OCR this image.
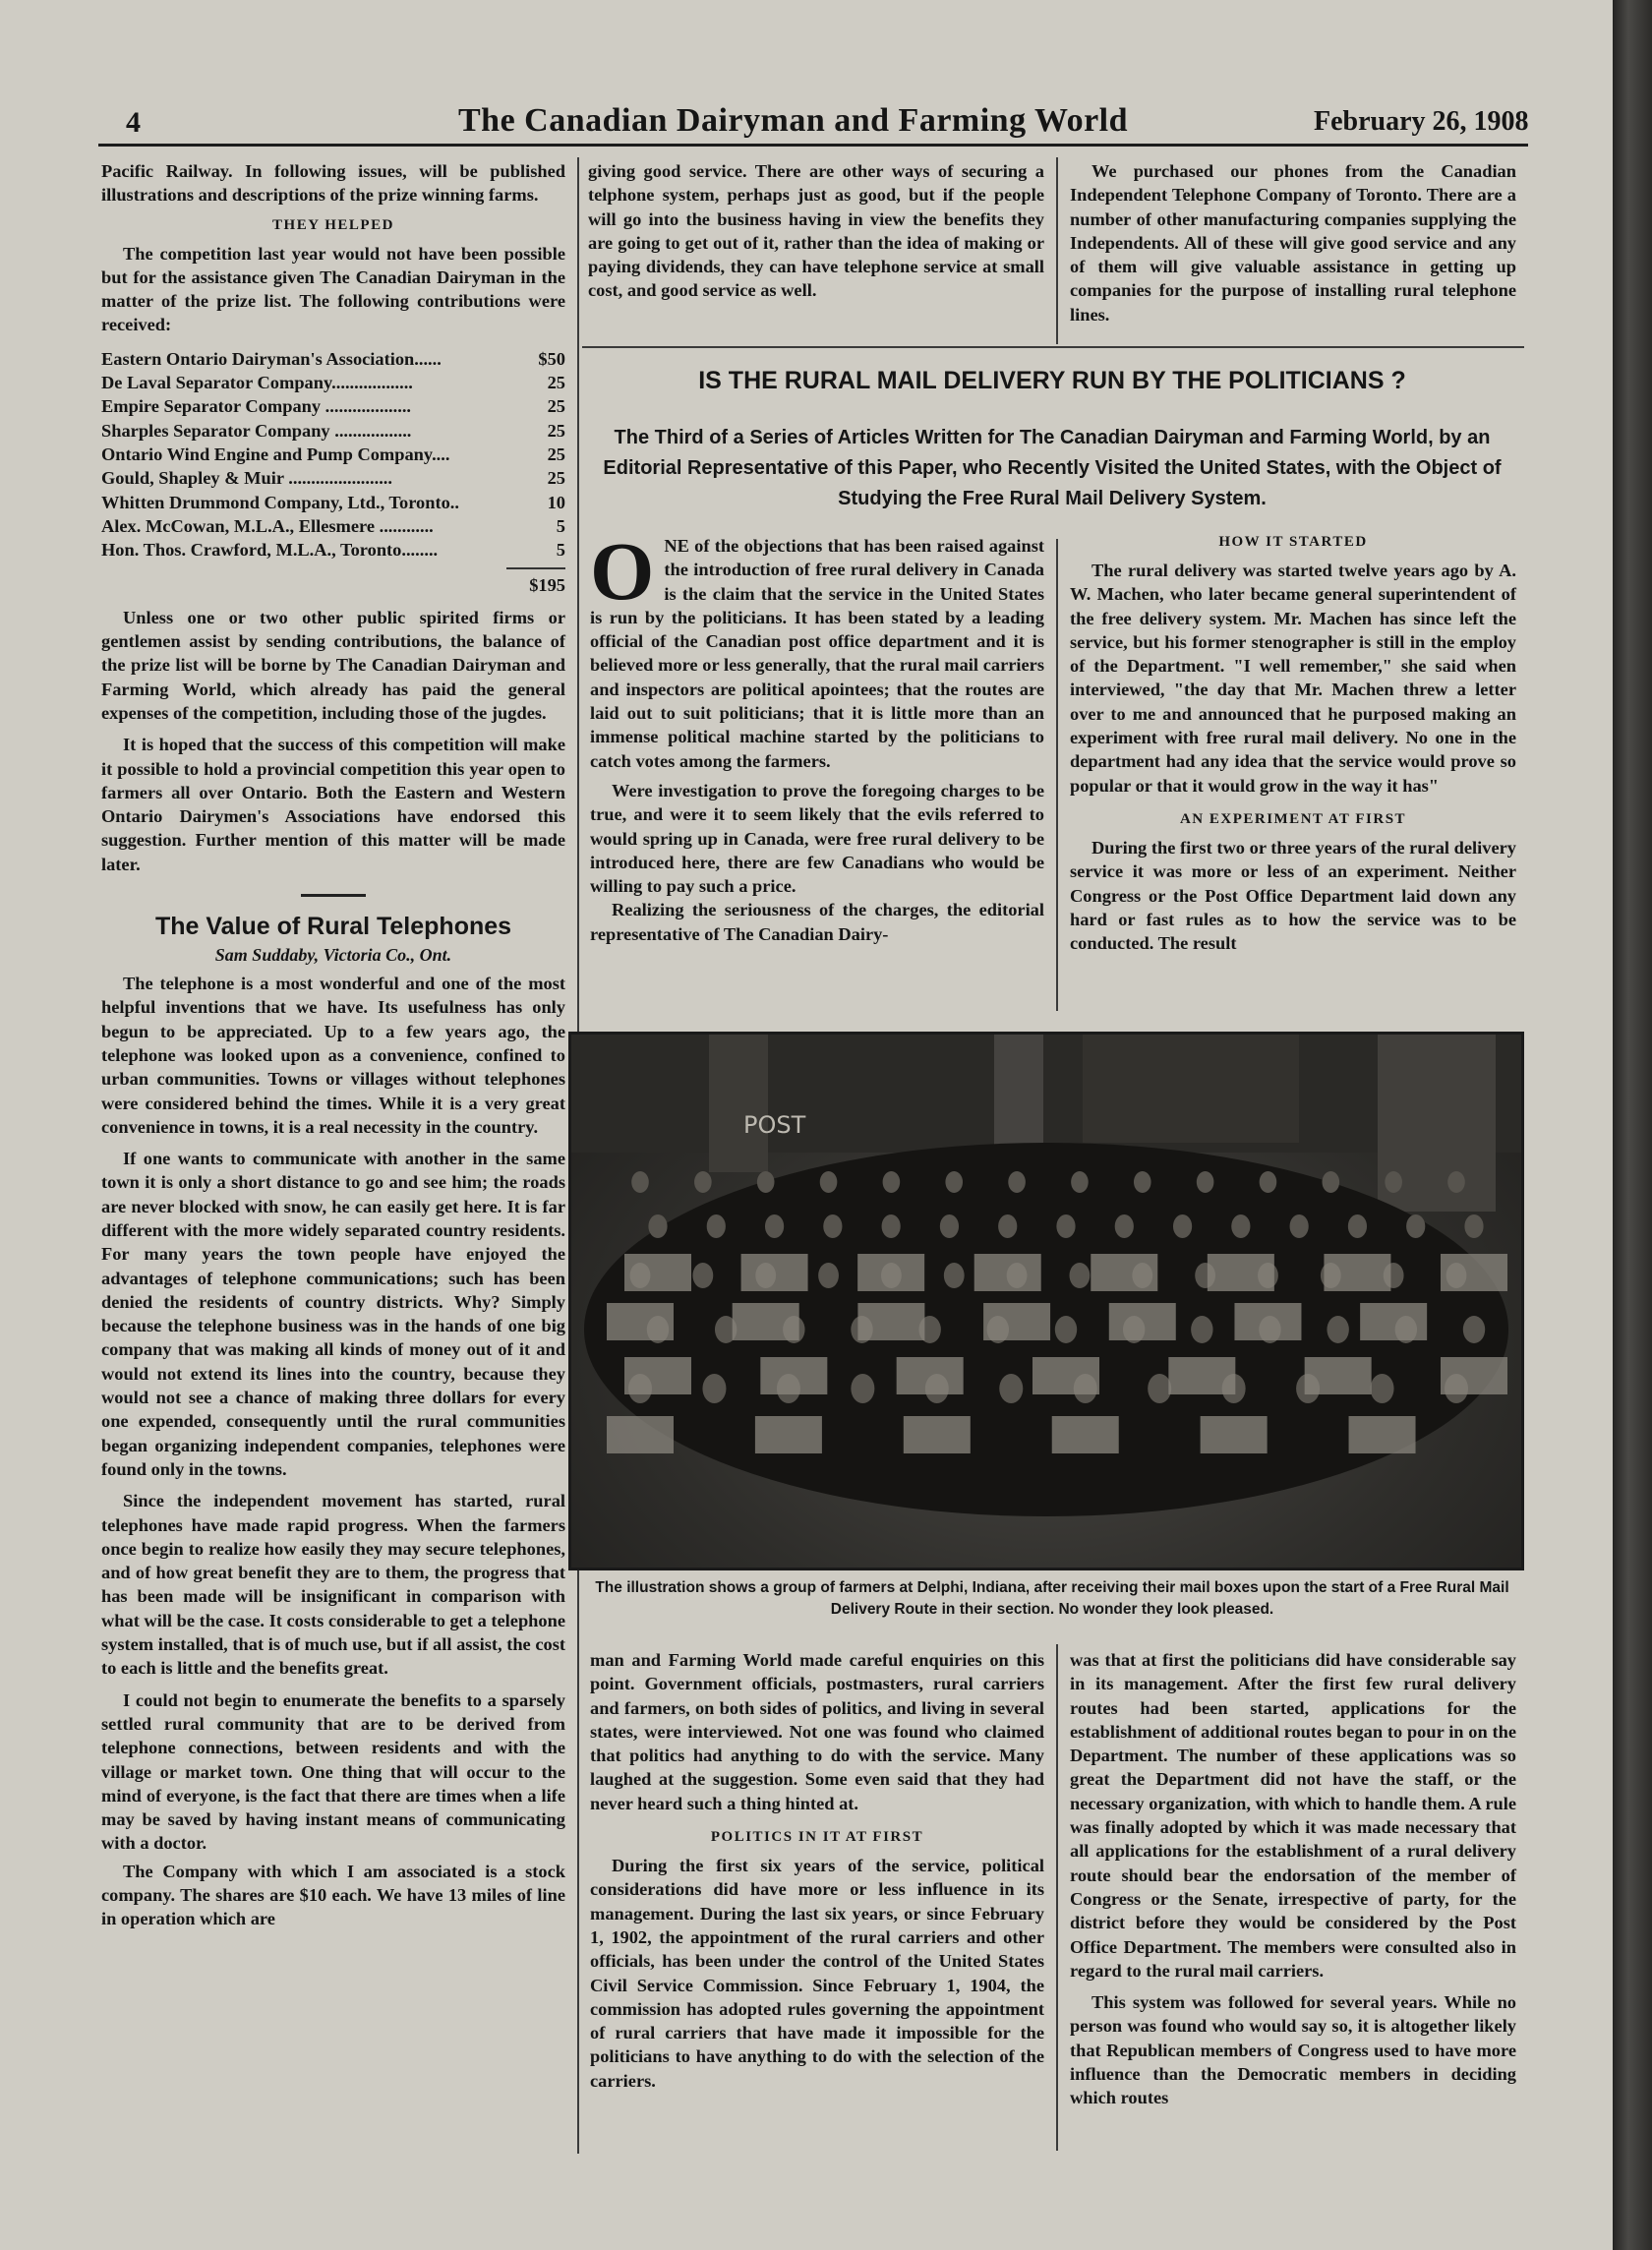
4	The Canadian Dairyman and Farming World	February 26, 1908

Pacific Railway. In following issues, will be published illustrations and descriptions of the prize winning farms.

THEY HELPED

The competition last year would not have been possible but for the assistance given The Canadian Dairyman in the matter of the prize list. The following contributions were received:

Eastern Ontario Dairyman's Association......	$50
De Laval Separator Company..................	25
Empire Separator Company ...................	25
Sharples Separator Company .................	25
Ontario Wind Engine and Pump Company....	25
Gould, Shapley & Muir .......................	25
Whitten Drummond Company, Ltd., Toronto..	10
Alex. McCowan, M.L.A., Ellesmere ............	5
Hon. Thos. Crawford, M.L.A., Toronto........	5
$195

Unless one or two other public spirited firms or gentlemen assist by sending contributions, the balance of the prize list will be borne by The Canadian Dairyman and Farming World, which already has paid the general expenses of the competition, including those of the jugdes.

It is hoped that the success of this competition will make it possible to hold a provincial competition this year open to farmers all over Ontario. Both the Eastern and Western Ontario Dairymen's Associations have endorsed this suggestion. Further mention of this matter will be made later.

The Value of Rural Telephones
Sam Suddaby, Victoria Co., Ont.

The telephone is a most wonderful and one of the most helpful inventions that we have. Its usefulness has only begun to be appreciated. Up to a few years ago, the telephone was looked upon as a convenience, confined to urban communities. Towns or villages without telephones were considered behind the times. While it is a very great convenience in towns, it is a real necessity in the country.

If one wants to communicate with another in the same town it is only a short distance to go and see him; the roads are never blocked with snow, he can easily get here. It is far different with the more widely separated country residents. For many years the town people have enjoyed the advantages of telephone communications; such has been denied the residents of country districts. Why? Simply because the telephone business was in the hands of one big company that was making all kinds of money out of it and would not extend its lines into the country, because they would not see a chance of making three dollars for every one expended, consequently until the rural communities began organizing independent companies, telephones were found only in the towns.

Since the independent movement has started, rural telephones have made rapid progress. When the farmers once begin to realize how easily they may secure telephones, and of how great benefit they are to them, the progress that has been made will be insignificant in comparison with what will be the case. It costs considerable to get a telephone system installed, that is of much use, but if all assist, the cost to each is little and the benefits great.

I could not begin to enumerate the benefits to a sparsely settled rural community that are to be derived from telephone connections, between residents and with the village or market town. One thing that will occur to the mind of everyone, is the fact that there are times when a life may be saved by having instant means of communicating with a doctor.

The Company with which I am associated is a stock company. The shares are $10 each. We have 13 miles of line in operation which are

giving good service. There are other ways of securing a telphone system, perhaps just as good, but if the people will go into the business having in view the benefits they are going to get out of it, rather than the idea of making or paying dividends, they can have telephone service at small cost, and good service as well.

We purchased our phones from the Canadian Independent Telephone Company of Toronto. There are a number of other manufacturing companies supplying the Independents. All of these will give good service and any of them will give valuable assistance in getting up companies for the purpose of installing rural telephone lines.

IS THE RURAL MAIL DELIVERY RUN BY THE POLITICIANS ?
The Third of a Series of Articles Written for The Canadian Dairyman and Farming World, by an Editorial Representative of this Paper, who Recently Visited the United States, with the Object of Studying the Free Rural Mail Delivery System.

ONE of the objections that has been raised against the introduction of free rural delivery in Canada is the claim that the service in the United States is run by the politicians. It has been stated by a leading official of the Canadian post office department and it is believed more or less generally, that the rural mail carriers and inspectors are political apointees; that the routes are laid out to suit politicians; that it is little more than an immense political machine started by the politicians to catch votes among the farmers.

Were investigation to prove the foregoing charges to be true, and were it to seem likely that the evils referred to would spring up in Canada, were free rural delivery to be introduced here, there are few Canadians who would be willing to pay such a price.

Realizing the seriousness of the charges, the editorial representative of The Canadian Dairy-

HOW IT STARTED

The rural delivery was started twelve years ago by A. W. Machen, who later became general superintendent of the free delivery system. Mr. Machen has since left the service, but his former stenographer is still in the employ of the Department. "I well remember," she said when interviewed, "the day that Mr. Machen threw a letter over to me and announced that he purposed making an experiment with free rural mail delivery. No one in the department had any idea that the service would prove so popular or that it would grow in the way it has"

AN EXPERIMENT AT FIRST

During the first two or three years of the rural delivery service it was more or less of an experiment. Neither Congress or the Post Office Department laid down any hard or fast rules as to how the service was to be conducted. The result

POST
The illustration shows a group of farmers at Delphi, Indiana, after receiving their mail boxes upon the start of a Free Rural Mail Delivery Route in their section. No wonder they look pleased.

man and Farming World made careful enquiries on this point. Government officials, postmasters, rural carriers and farmers, on both sides of politics, and living in several states, were interviewed. Not one was found who claimed that politics had anything to do with the service. Many laughed at the suggestion. Some even said that they had never heard such a thing hinted at.

POLITICS IN IT AT FIRST

During the first six years of the service, political considerations did have more or less influence in its management. During the last six years, or since February 1, 1902, the appointment of the rural carriers and other officials, has been under the control of the United States Civil Service Commission. Since February 1, 1904, the commission has adopted rules governing the appointment of rural carriers that have made it impossible for the politicians to have anything to do with the selection of the carriers.

was that at first the politicians did have considerable say in its management. After the first few rural delivery routes had been started, applications for the establishment of additional routes began to pour in on the Department. The number of these applications was so great the Department did not have the staff, or the necessary organization, with which to handle them. A rule was finally adopted by which it was made necessary that all applications for the establishment of a rural delivery route should bear the endorsation of the member of Congress or the Senate, irrespective of party, for the district before they would be considered by the Post Office Department. The members were consulted also in regard to the rural mail carriers.

This system was followed for several years. While no person was found who would say so, it is altogether likely that Republican members of Congress used to have more influence than the Democratic members in deciding which routes
